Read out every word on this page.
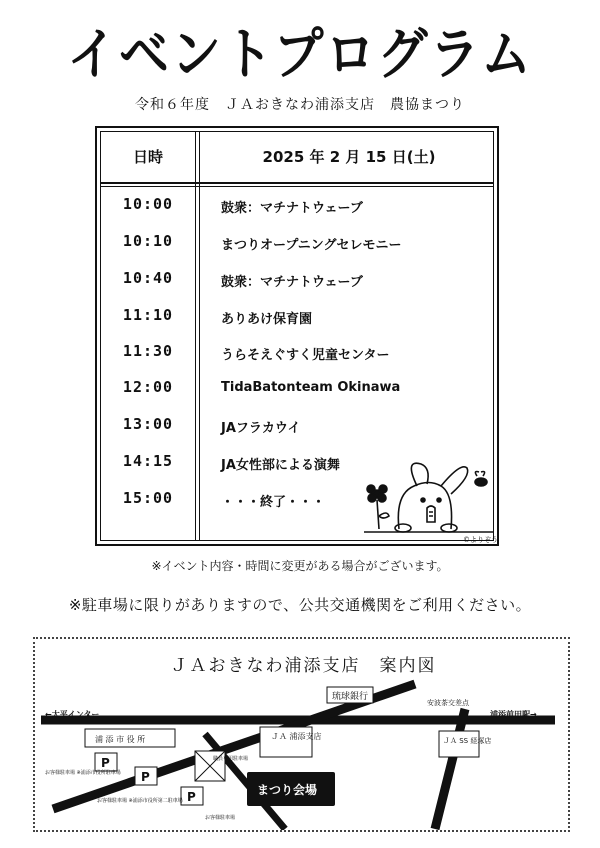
イベントプログラム
令和６年度　ＪＡおきなわ浦添支店　農協まつり
日時	2025 年 2 月 15 日(土)
10:00	鼓衆：マチナトウェーブ
10:10	まつりオープニングセレモニー
10:40	鼓衆：マチナトウェーブ
11:10	ありあけ保育園
11:30	うらそえぐすく児童センター
12:00	TidaBatonteam Okinawa
13:00	JAフラカウイ
14:15	JA女性部による演舞
15:00	・・・終了・・・
©よりぞう
※イベント内容・時間に変更がある場合がございます。
※駐車場に限りがありますので、公共交通機関をご利用ください。
ＪＡおきなわ浦添支店　案内図
琉球銀行
安波茶交差点
←大平インター	浦添前田駅→
浦 添 市 役 所	ＪＡ 浦添支店
職員専用駐車場
ＪＡ SS 経塚店
まつり会場
P
P
P
お客様駐車場 ※浦添市役所駐車場
お客様駐車場 ※浦添市役所第二駐車場
お客様駐車場
